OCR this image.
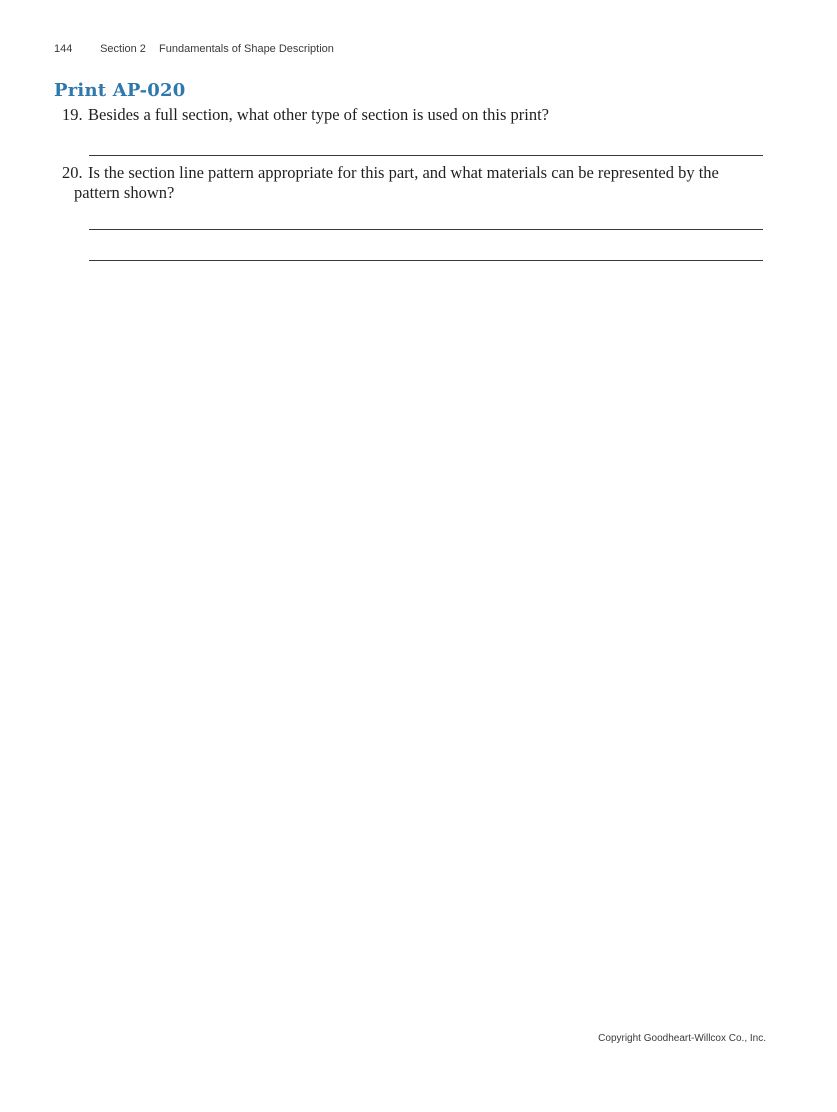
144	Section 2 Fundamentals of Shape Description
Print AP-020
19. Besides a full section, what other type of section is used on this print?
20. Is the section line pattern appropriate for this part, and what materials can be represented by the
pattern shown?
Copyright Goodheart-Willcox Co., Inc.
